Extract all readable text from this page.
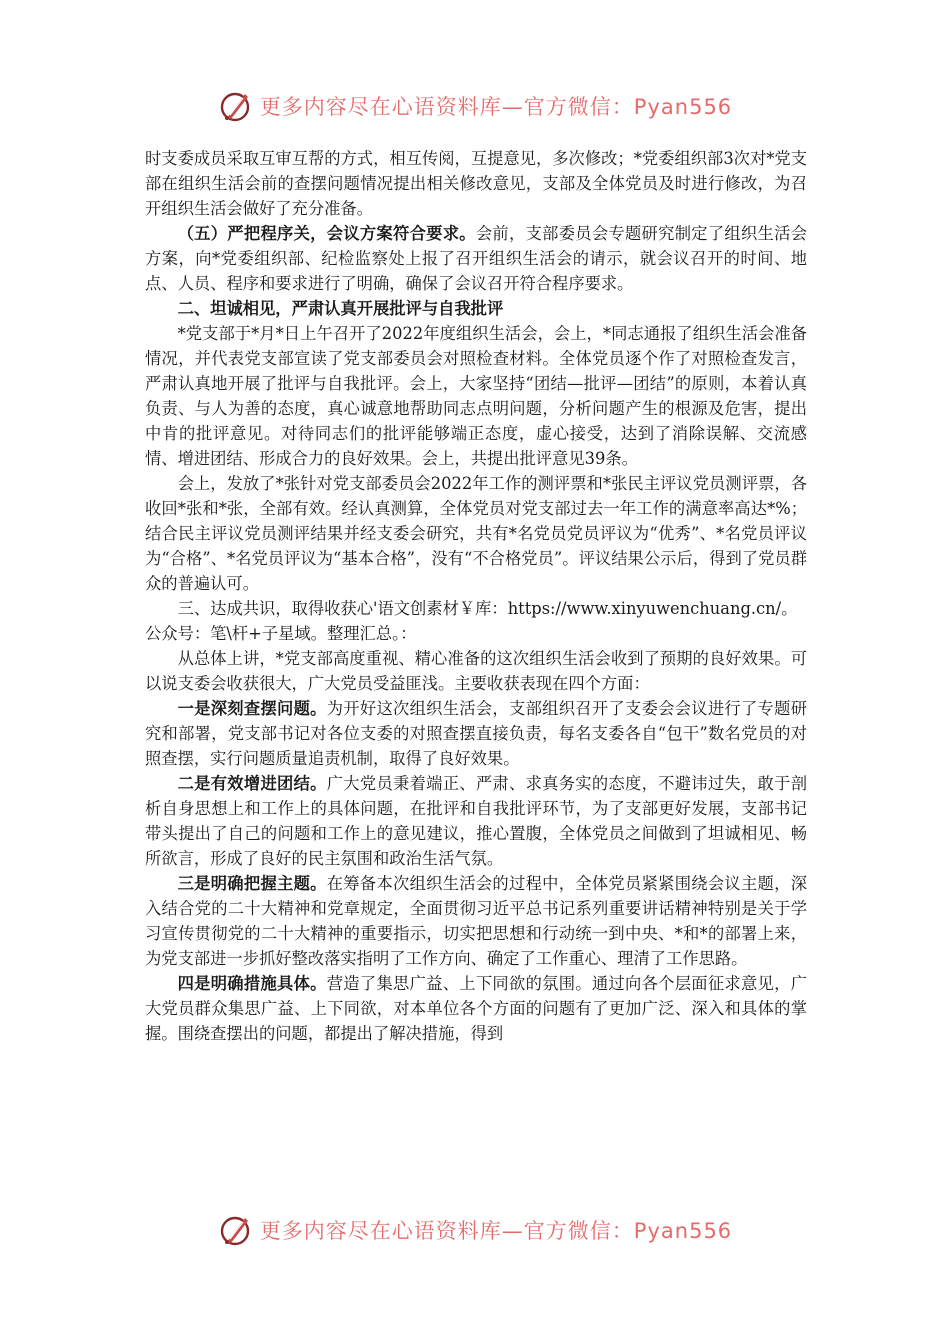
更多内容尽在心语资料库—官方微信：Pyan556

时支委成员采取互审互帮的方式，相互传阅，互提意见，多次修改；*党委组织部3次对*党支部在组织生活会前的查摆问题情况提出相关修改意见，支部及全体党员及时进行修改，为召开组织生活会做好了充分准备。

（五）严把程序关，会议方案符合要求。会前，支部委员会专题研究制定了组织生活会方案，向*党委组织部、纪检监察处上报了召开组织生活会的请示，就会议召开的时间、地点、人员、程序和要求进行了明确，确保了会议召开符合程序要求。

二、坦诚相见，严肃认真开展批评与自我批评

*党支部于*月*日上午召开了2022年度组织生活会，会上，*同志通报了组织生活会准备情况，并代表党支部宣读了党支部委员会对照检查材料。全体党员逐个作了对照检查发言，严肃认真地开展了批评与自我批评。会上，大家坚持“团结—批评—团结”的原则，本着认真负责、与人为善的态度，真心诚意地帮助同志点明问题，分析问题产生的根源及危害，提出中肯的批评意见。对待同志们的批评能够端正态度，虚心接受，达到了消除误解、交流感情、增进团结、形成合力的良好效果。会上，共提出批评意见39条。

会上，发放了*张针对党支部委员会2022年工作的测评票和*张民主评议党员测评票，各收回*张和*张，全部有效。经认真测算，全体党员对党支部过去一年工作的满意率高达*%；结合民主评议党员测评结果并经支委会研究，共有*名党员党员评议为“优秀”、*名党员评议为“合格”、*名党员评议为“基本合格”，没有“不合格党员”。评议结果公示后，得到了党员群众的普遍认可。

三、达成共识，取得收获心'语文创素材￥库：https://www.xinyuwenchuang.cn/。公众号：笔\杆+子星域。整理汇总。：

从总体上讲，*党支部高度重视、精心准备的这次组织生活会收到了预期的良好效果。可以说支委会收获很大，广大党员受益匪浅。主要收获表现在四个方面：

一是深刻查摆问题。为开好这次组织生活会，支部组织召开了支委会会议进行了专题研究和部署，党支部书记对各位支委的对照查摆直接负责，每名支委各自“包干”数名党员的对照查摆，实行问题质量追责机制，取得了良好效果。

二是有效增进团结。广大党员秉着端正、严肃、求真务实的态度，不避讳过失，敢于剖析自身思想上和工作上的具体问题，在批评和自我批评环节，为了支部更好发展，支部书记带头提出了自己的问题和工作上的意见建议，推心置腹，全体党员之间做到了坦诚相见、畅所欲言，形成了良好的民主氛围和政治生活气氛。

三是明确把握主题。在筹备本次组织生活会的过程中，全体党员紧紧围绕会议主题，深入结合党的二十大精神和党章规定，全面贯彻习近平总书记系列重要讲话精神特别是关于学习宣传贯彻党的二十大精神的重要指示，切实把思想和行动统一到中央、*和*的部署上来，为党支部进一步抓好整改落实指明了工作方向、确定了工作重心、理清了工作思路。

四是明确措施具体。营造了集思广益、上下同欲的氛围。通过向各个层面征求意见，广大党员群众集思广益、上下同欲，对本单位各个方面的问题有了更加广泛、深入和具体的掌握。围绕查摆出的问题，都提出了解决措施，得到

更多内容尽在心语资料库—官方微信：Pyan556
